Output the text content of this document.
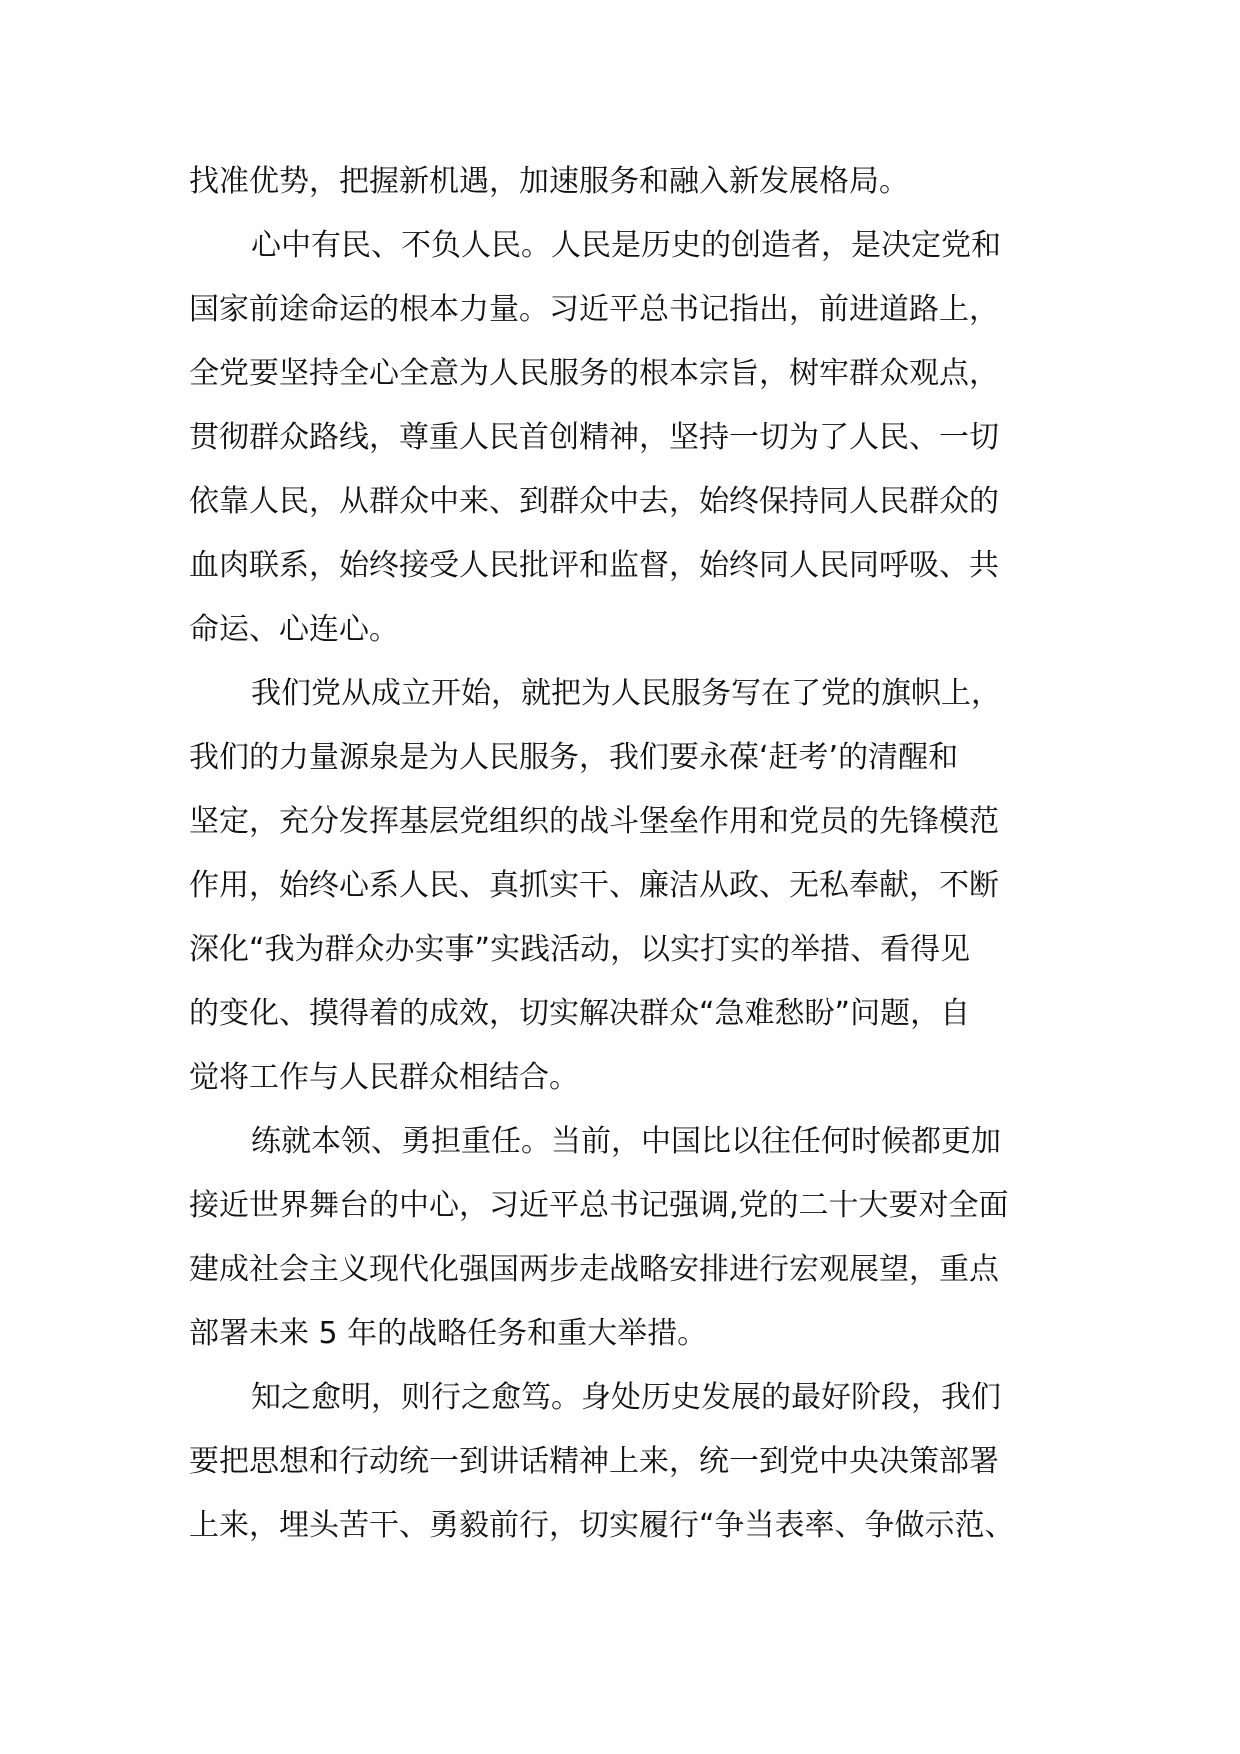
找准优势，把握新机遇，加速服务和融入新发展格局。
心中有民、不负人民。人民是历史的创造者，是决定党和
国家前途命运的根本力量。习近平总书记指出，前进道路上，
全党要坚持全心全意为人民服务的根本宗旨，树牢群众观点，
贯彻群众路线，尊重人民首创精神，坚持一切为了人民、一切
依靠人民，从群众中来、到群众中去，始终保持同人民群众的
血肉联系，始终接受人民批评和监督，始终同人民同呼吸、共
命运、心连心。
我们党从成立开始，就把为人民服务写在了党的旗帜上，
我们的力量源泉是为人民服务，我们要永葆‘赶考’的清醒和
坚定，充分发挥基层党组织的战斗堡垒作用和党员的先锋模范
作用，始终心系人民、真抓实干、廉洁从政、无私奉献，不断
深化“我为群众办实事”实践活动，以实打实的举措、看得见
的变化、摸得着的成效，切实解决群众“急难愁盼”问题，自
觉将工作与人民群众相结合。
练就本领、勇担重任。当前，中国比以往任何时候都更加
接近世界舞台的中心，习近平总书记强调,党的二十大要对全面
建成社会主义现代化强国两步走战略安排进行宏观展望，重点
部署未来 5 年的战略任务和重大举措。
知之愈明，则行之愈笃。身处历史发展的最好阶段，我们
要把思想和行动统一到讲话精神上来，统一到党中央决策部署
上来，埋头苦干、勇毅前行，切实履行“争当表率、争做示范、
